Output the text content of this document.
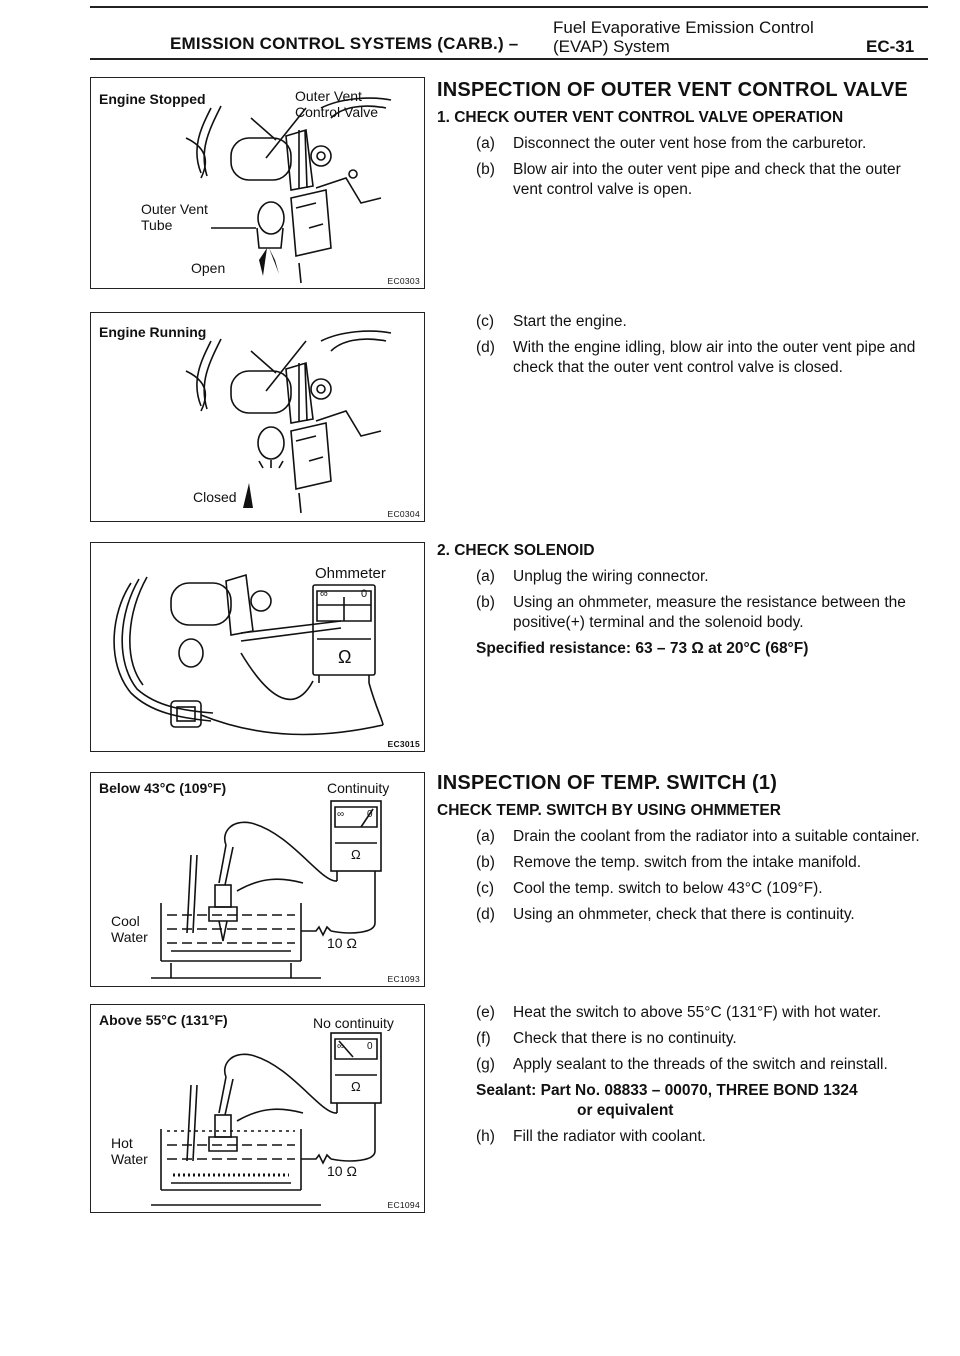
EMISSION CONTROL SYSTEMS (CARB.) –
Fuel Evaporative Emission Control
(EVAP) System	EC-31
Engine Stopped	Outer Vent
Control Valve
Outer Vent
Tube
Open
EC0303
Engine Running
Closed
EC0304
Ohmmeter
∞	0
Ω
EC3015
Below 43°C (109°F)	Continuity
Cool
Water	10 Ω
∞ 0
Ω
EC1093
Above 55°C (131°F)	No continuity
Hot
Water
10 Ω
∞ 0
Ω
EC1094
INSPECTION OF OUTER VENT CONTROL VALVE
1. CHECK OUTER VENT CONTROL VALVE OPERATION
(a) Disconnect the outer vent hose from the carburetor.
(b) Blow air into the outer vent pipe and check that the outer vent control valve is open.
(c) Start the engine.
(d) With the engine idling, blow air into the outer vent pipe and check that the outer vent control valve is closed.
2. CHECK SOLENOID
(a) Unplug the wiring connector.
(b) Using an ohmmeter, measure the resistance between the positive(+) terminal and the solenoid body.
Specified resistance: 63 – 73 Ω at 20°C (68°F)
INSPECTION OF TEMP. SWITCH (1)
CHECK TEMP. SWITCH BY USING OHMMETER
(a) Drain the coolant from the radiator into a suitable container.
(b) Remove the temp. switch from the intake manifold.
(c) Cool the temp. switch to below 43°C (109°F).
(d) Using an ohmmeter, check that there is continuity.
(e) Heat the switch to above 55°C (131°F) with hot water.
(f) Check that there is no continuity.
(g) Apply sealant to the threads of the switch and reinstall.
Sealant: Part No. 08833 – 00070, THREE BOND 1324
or equivalent
(h) Fill the radiator with coolant.
